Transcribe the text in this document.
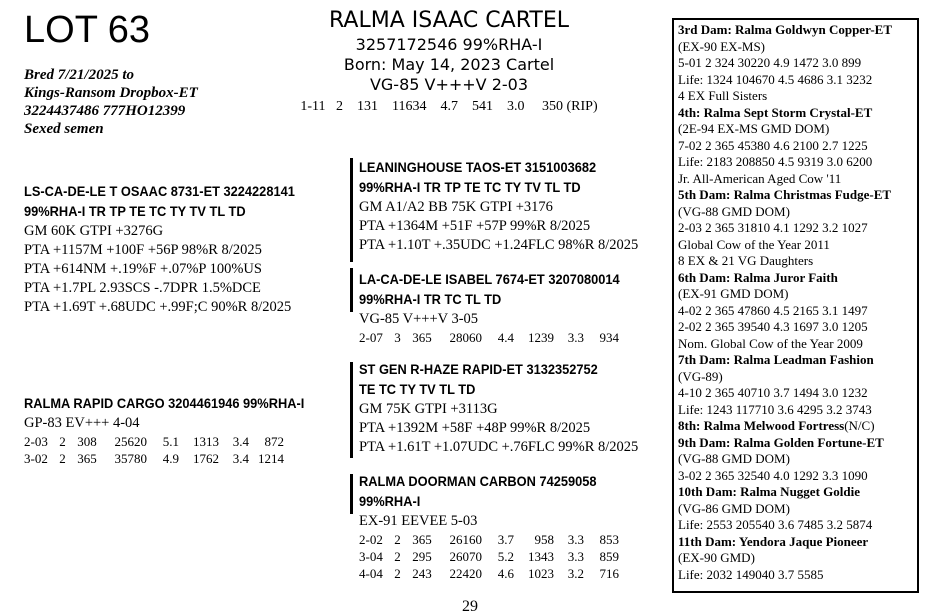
LOT 63
Bred 7/21/2025 to
Kings-Ransom Dropbox-ET
3224437486 777HO12399
Sexed semen
RALMA ISAAC CARTEL
3257172546 99%RHA-I
Born: May 14, 2023 Cartel
VG-85 V+++V 2-03
1-11 2 131 11634 4.7 541 3.0 350 (RIP)
LS-CA-DE-LE T OSAAC 8731-ET 3224228141
99%RHA-I TR TP TE TC TY TV TL TD
GM 60K GTPI +3276G
PTA +1157M +100F +56P 98%R 8/2025
PTA +614NM +.19%F +.07%P 100%US
PTA +1.7PL 2.93SCS -.7DPR 1.5%DCE
PTA +1.69T +.68UDC +.99F;C 90%R 8/2025
RALMA RAPID CARGO 3204461946 99%RHA-I
GP-83 EV+++ 4-04
2-03	2	308	25620	5.1	1313	3.4	872
3-02	2	365	35780	4.9	1762	3.4	1214
LEANINGHOUSE TAOS-ET 3151003682
99%RHA-I TR TP TE TC TY TV TL TD
GM A1/A2 BB 75K GTPI +3176
PTA +1364M +51F +57P 99%R 8/2025
PTA +1.10T +.35UDC +1.24FLC 98%R 8/2025
LA-CA-DE-LE ISABEL 7674-ET 3207080014
99%RHA-I TR TC TL TD
VG-85 V+++V 3-05
2-07	3	365	28060	4.4	1239	3.3	934
ST GEN R-HAZE RAPID-ET 3132352752
TE TC TY TV TL TD
GM 75K GTPI +3113G
PTA +1392M +58F +48P 99%R 8/2025
PTA +1.61T +1.07UDC +.76FLC 99%R 8/2025
RALMA DOORMAN CARBON 74259058
99%RHA-I
EX-91 EEVEE 5-03
2-02	2	365	26160	3.7	958	3.3	853
3-04	2	295	26070	5.2	1343	3.3	859
4-04	2	243	22420	4.6	1023	3.2	716
3rd Dam: Ralma Goldwyn Copper-ET
(EX-90 EX-MS)
5-01 2 324 30220 4.9 1472 3.0 899
Life: 1324 104670 4.5 4686 3.1 3232
4 EX Full Sisters
4th: Ralma Sept Storm Crystal-ET
(2E-94 EX-MS GMD DOM)
7-02 2 365 45380 4.6 2100 2.7 1225
Life: 2183 208850 4.5 9319 3.0 6200
Jr. All-American Aged Cow '11
5th Dam: Ralma Christmas Fudge-ET
(VG-88 GMD DOM)
2-03 2 365 31810 4.1 1292 3.2 1027
Global Cow of the Year 2011
8 EX & 21 VG Daughters
6th Dam: Ralma Juror Faith
(EX-91 GMD DOM)
4-02 2 365 47860 4.5 2165 3.1 1497
2-02 2 365 39540 4.3 1697 3.0 1205
Nom. Global Cow of the Year 2009
7th Dam: Ralma Leadman Fashion
(VG-89)
4-10 2 365 40710 3.7 1494 3.0 1232
Life: 1243 117710 3.6 4295 3.2 3743
8th: Ralma Melwood Fortress(N/C)
9th Dam: Ralma Golden Fortune-ET
(VG-88 GMD DOM)
3-02 2 365 32540 4.0 1292 3.3 1090
10th Dam: Ralma Nugget Goldie
(VG-86 GMD DOM)
Life: 2553 205540 3.6 7485 3.2 5874
11th Dam: Yendora Jaque Pioneer
(EX-90 GMD)
Life: 2032 149040 3.7 5585
29
